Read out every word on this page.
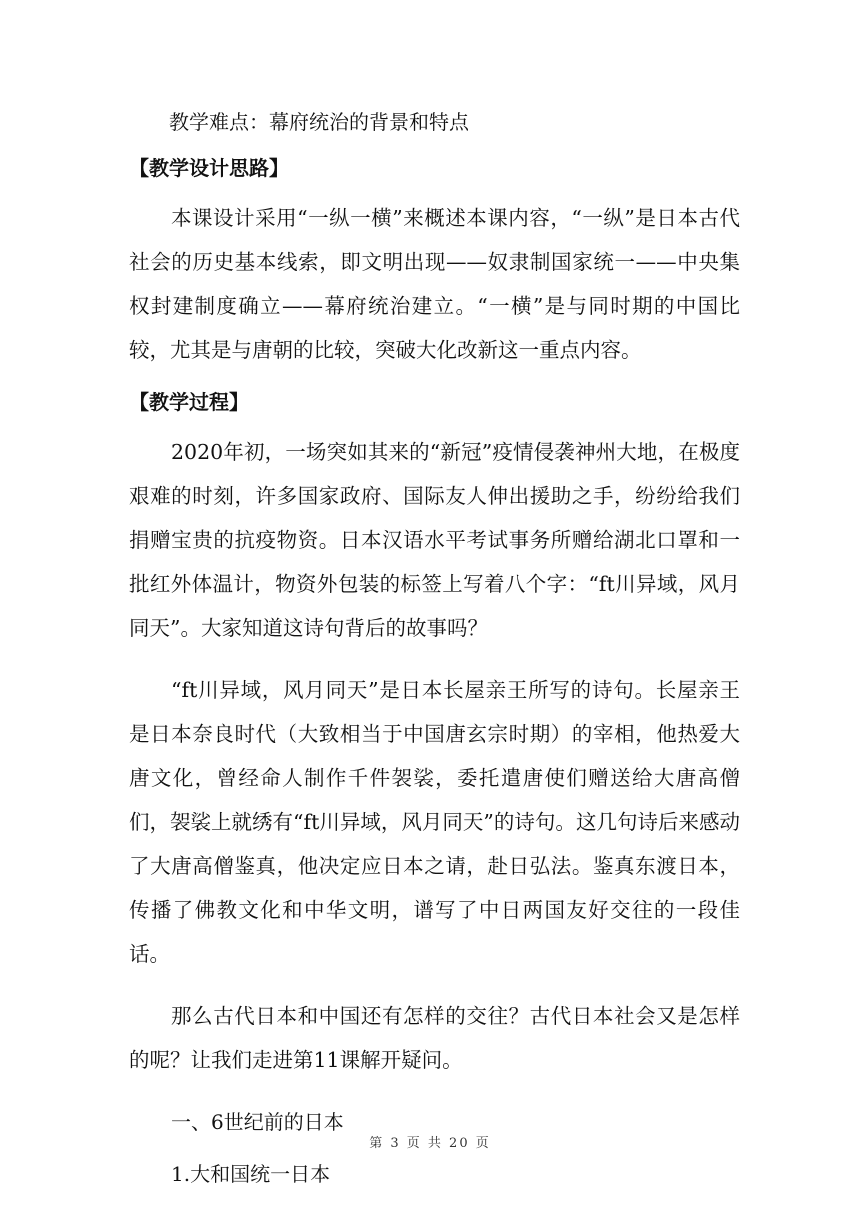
教学难点：幕府统治的背景和特点

【教学设计思路】

本课设计采用“一纵一横”来概述本课内容，“一纵”是日本古代社会的历史基本线索，即文明出现——奴隶制国家统一——中央集权封建制度确立——幕府统治建立。“一横”是与同时期的中国比较，尤其是与唐朝的比较，突破大化改新这一重点内容。

【教学过程】

2020年初，一场突如其来的“新冠”疫情侵袭神州大地，在极度艰难的时刻，许多国家政府、国际友人伸出援助之手，纷纷给我们捐赠宝贵的抗疫物资。日本汉语水平考试事务所赠给湖北口罩和一批红外体温计，物资外包装的标签上写着八个字：“ft川异域，风月同天”。大家知道这诗句背后的故事吗？

“ft川异域，风月同天”是日本长屋亲王所写的诗句。长屋亲王是日本奈良时代（大致相当于中国唐玄宗时期）的宰相，他热爱大唐文化，曾经命人制作千件袈裟，委托遣唐使们赠送给大唐高僧们，袈裟上就绣有“ft川异域，风月同天”的诗句。这几句诗后来感动了大唐高僧鉴真，他决定应日本之请，赴日弘法。鉴真东渡日本，传播了佛教文化和中华文明，谱写了中日两国友好交往的一段佳话。

那么古代日本和中国还有怎样的交往？古代日本社会又是怎样的呢？让我们走进第11课解开疑问。

一、6世纪前的日本

1.大和国统一日本

第 3 页 共 20 页
